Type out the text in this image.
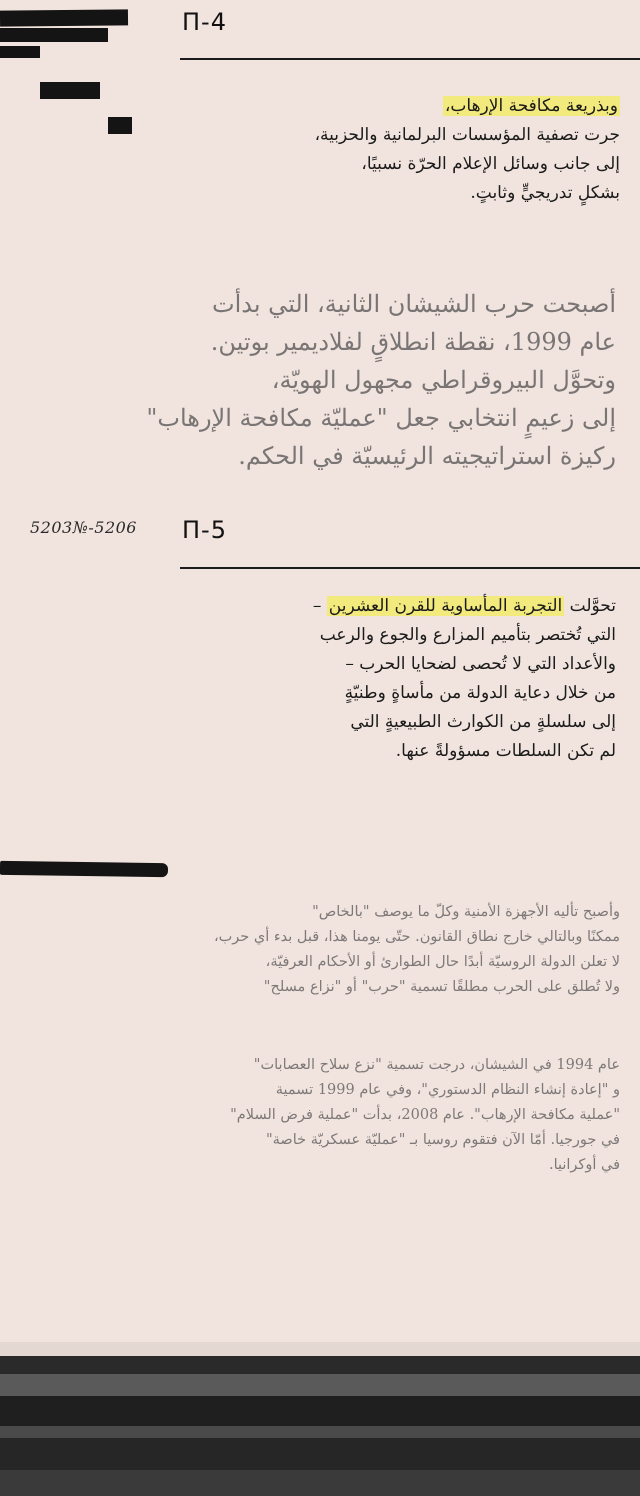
П-4

وبذريعة مكافحة الإرهاب،

جرت تصفية المؤسسات البرلمانية والحزبية،

إلى جانب وسائل الإعلام الحرّة نسبيًا،

بشكلٍ تدريجيٍّ وثابتٍ.

أصبحت حرب الشيشان الثانية، التي بدأت

عام 1999، نقطة انطلاقٍ لفلاديمير بوتين.

وتحوَّل البيروقراطي مجهول الهويّة،

إلى زعيمٍ انتخابي جعل "عمليّة مكافحة الإرهاب"

ركيزة استراتيجيته الرئيسيّة في الحكم.

5203№-5206 П-5

تحوَّلت التجربة المأساوية للقرن العشرين –

التي تُختصر بتأميم المزارع والجوع والرعب

والأعداد التي لا تُحصى لضحايا الحرب –

من خلال دعاية الدولة من مأساةٍ وطنيّةٍ

إلى سلسلةٍ من الكوارث الطبيعيةٍ التي

لم تكن السلطات مسؤولةً عنها.

وأصبح تأليه الأجهزة الأمنية وكلّ ما يوصف "بالخاص"

ممكنًا وبالتالي خارج نطاق القانون. حتّى يومنا هذا، قبل بدء أي حرب،

لا تعلن الدولة الروسيّة أبدًا حال الطوارئ أو الأحكام العرفيّة،

ولا تُطلق على الحرب مطلقًا تسمية "حرب" أو "نزاع مسلح"

عام 1994 في الشيشان، درجت تسمية "نزع سلاح العصابات"

و "إعادة إنشاء النظام الدستوري"، وفي عام 1999 تسمية

"عملية مكافحة الإرهاب". عام 2008، بدأت "عملية فرض السلام"

في جورجيا. أمّا الآن فتقوم روسيا بـ "عمليّة عسكريّة خاصة"

في أوكرانيا.
